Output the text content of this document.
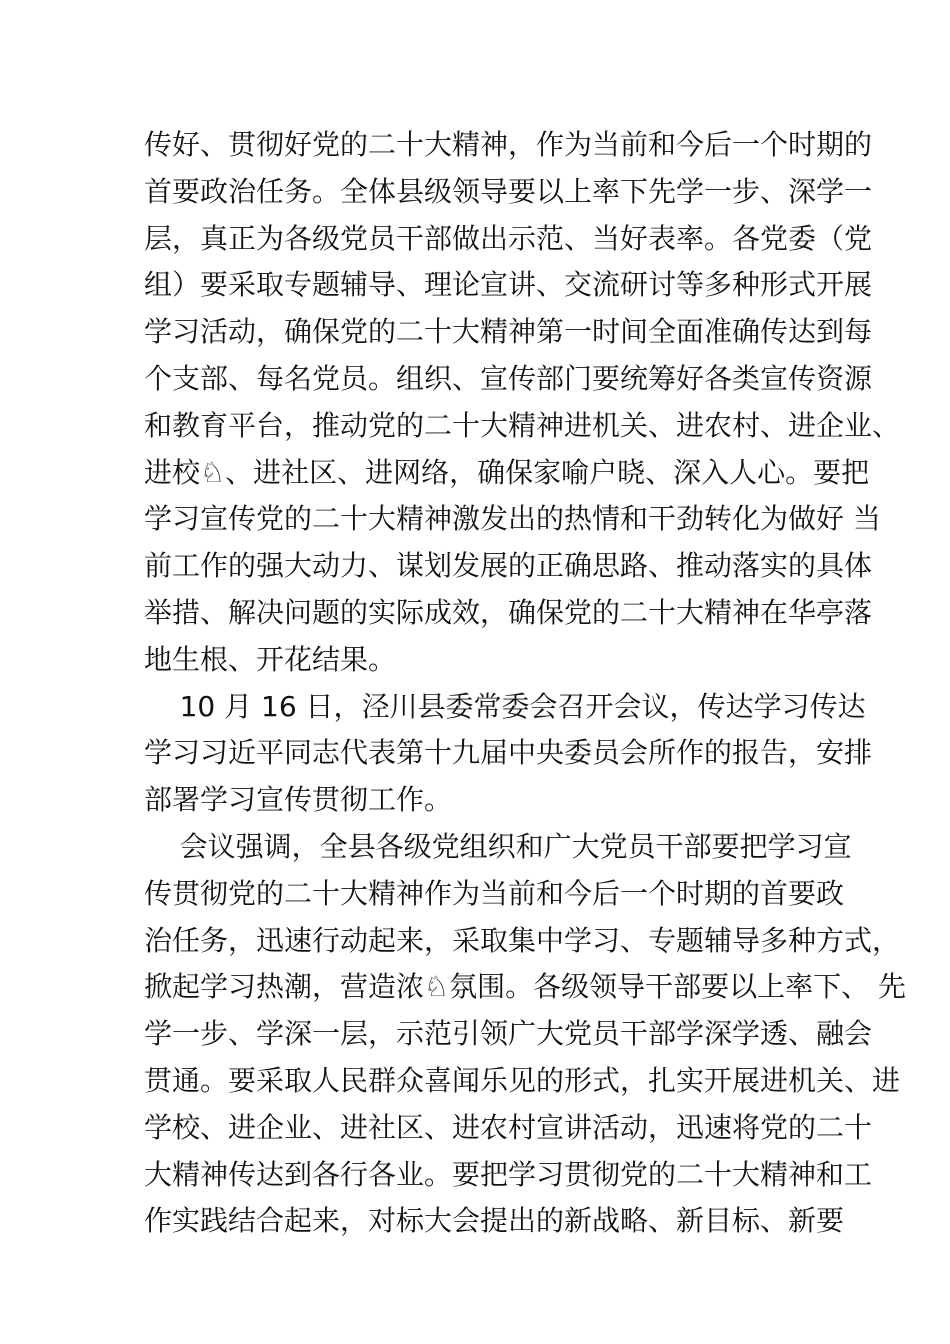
传好、贯彻好党的二十大精神，作为当前和今后一个时期的
首要政治任务。全体县级领导要以上率下先学一步、深学一
层，真正为各级党员干部做出示范、当好表率。各党委（党
组）要采取专题辅导、理论宣讲、交流研讨等多种形式开展
学习活动，确保党的二十大精神第一时间全面准确传达到每
个支部、每名党员。组织、宣传部门要统筹好各类宣传资源
和教育平台，推动党的二十大精神进机关、进农村、进企业、
进校♘、进社区、进网络，确保家喻户晓、深入人心。要把
学习宣传党的二十大精神激发出的热情和干劲转化为做好 当
前工作的强大动力、谋划发展的正确思路、推动落实的具体
举措、解决问题的实际成效，确保党的二十大精神在华亭落
地生根、开花结果。
10 月 16 日，泾川县委常委会召开会议，传达学习传达
学习习近平同志代表第十九届中央委员会所作的报告，安排
部署学习宣传贯彻工作。
会议强调，全县各级党组织和广大党员干部要把学习宣
传贯彻党的二十大精神作为当前和今后一个时期的首要政
治任务，迅速行动起来，采取集中学习、专题辅导多种方式，
掀起学习热潮，营造浓♘氛围。各级领导干部要以上率下、 先
学一步、学深一层，示范引领广大党员干部学深学透、融会
贯通。要采取人民群众喜闻乐见的形式，扎实开展进机关、进
学校、进企业、进社区、进农村宣讲活动，迅速将党的二十
大精神传达到各行各业。要把学习贯彻党的二十大精神和工
作实践结合起来，对标大会提出的新战略、新目标、新要
